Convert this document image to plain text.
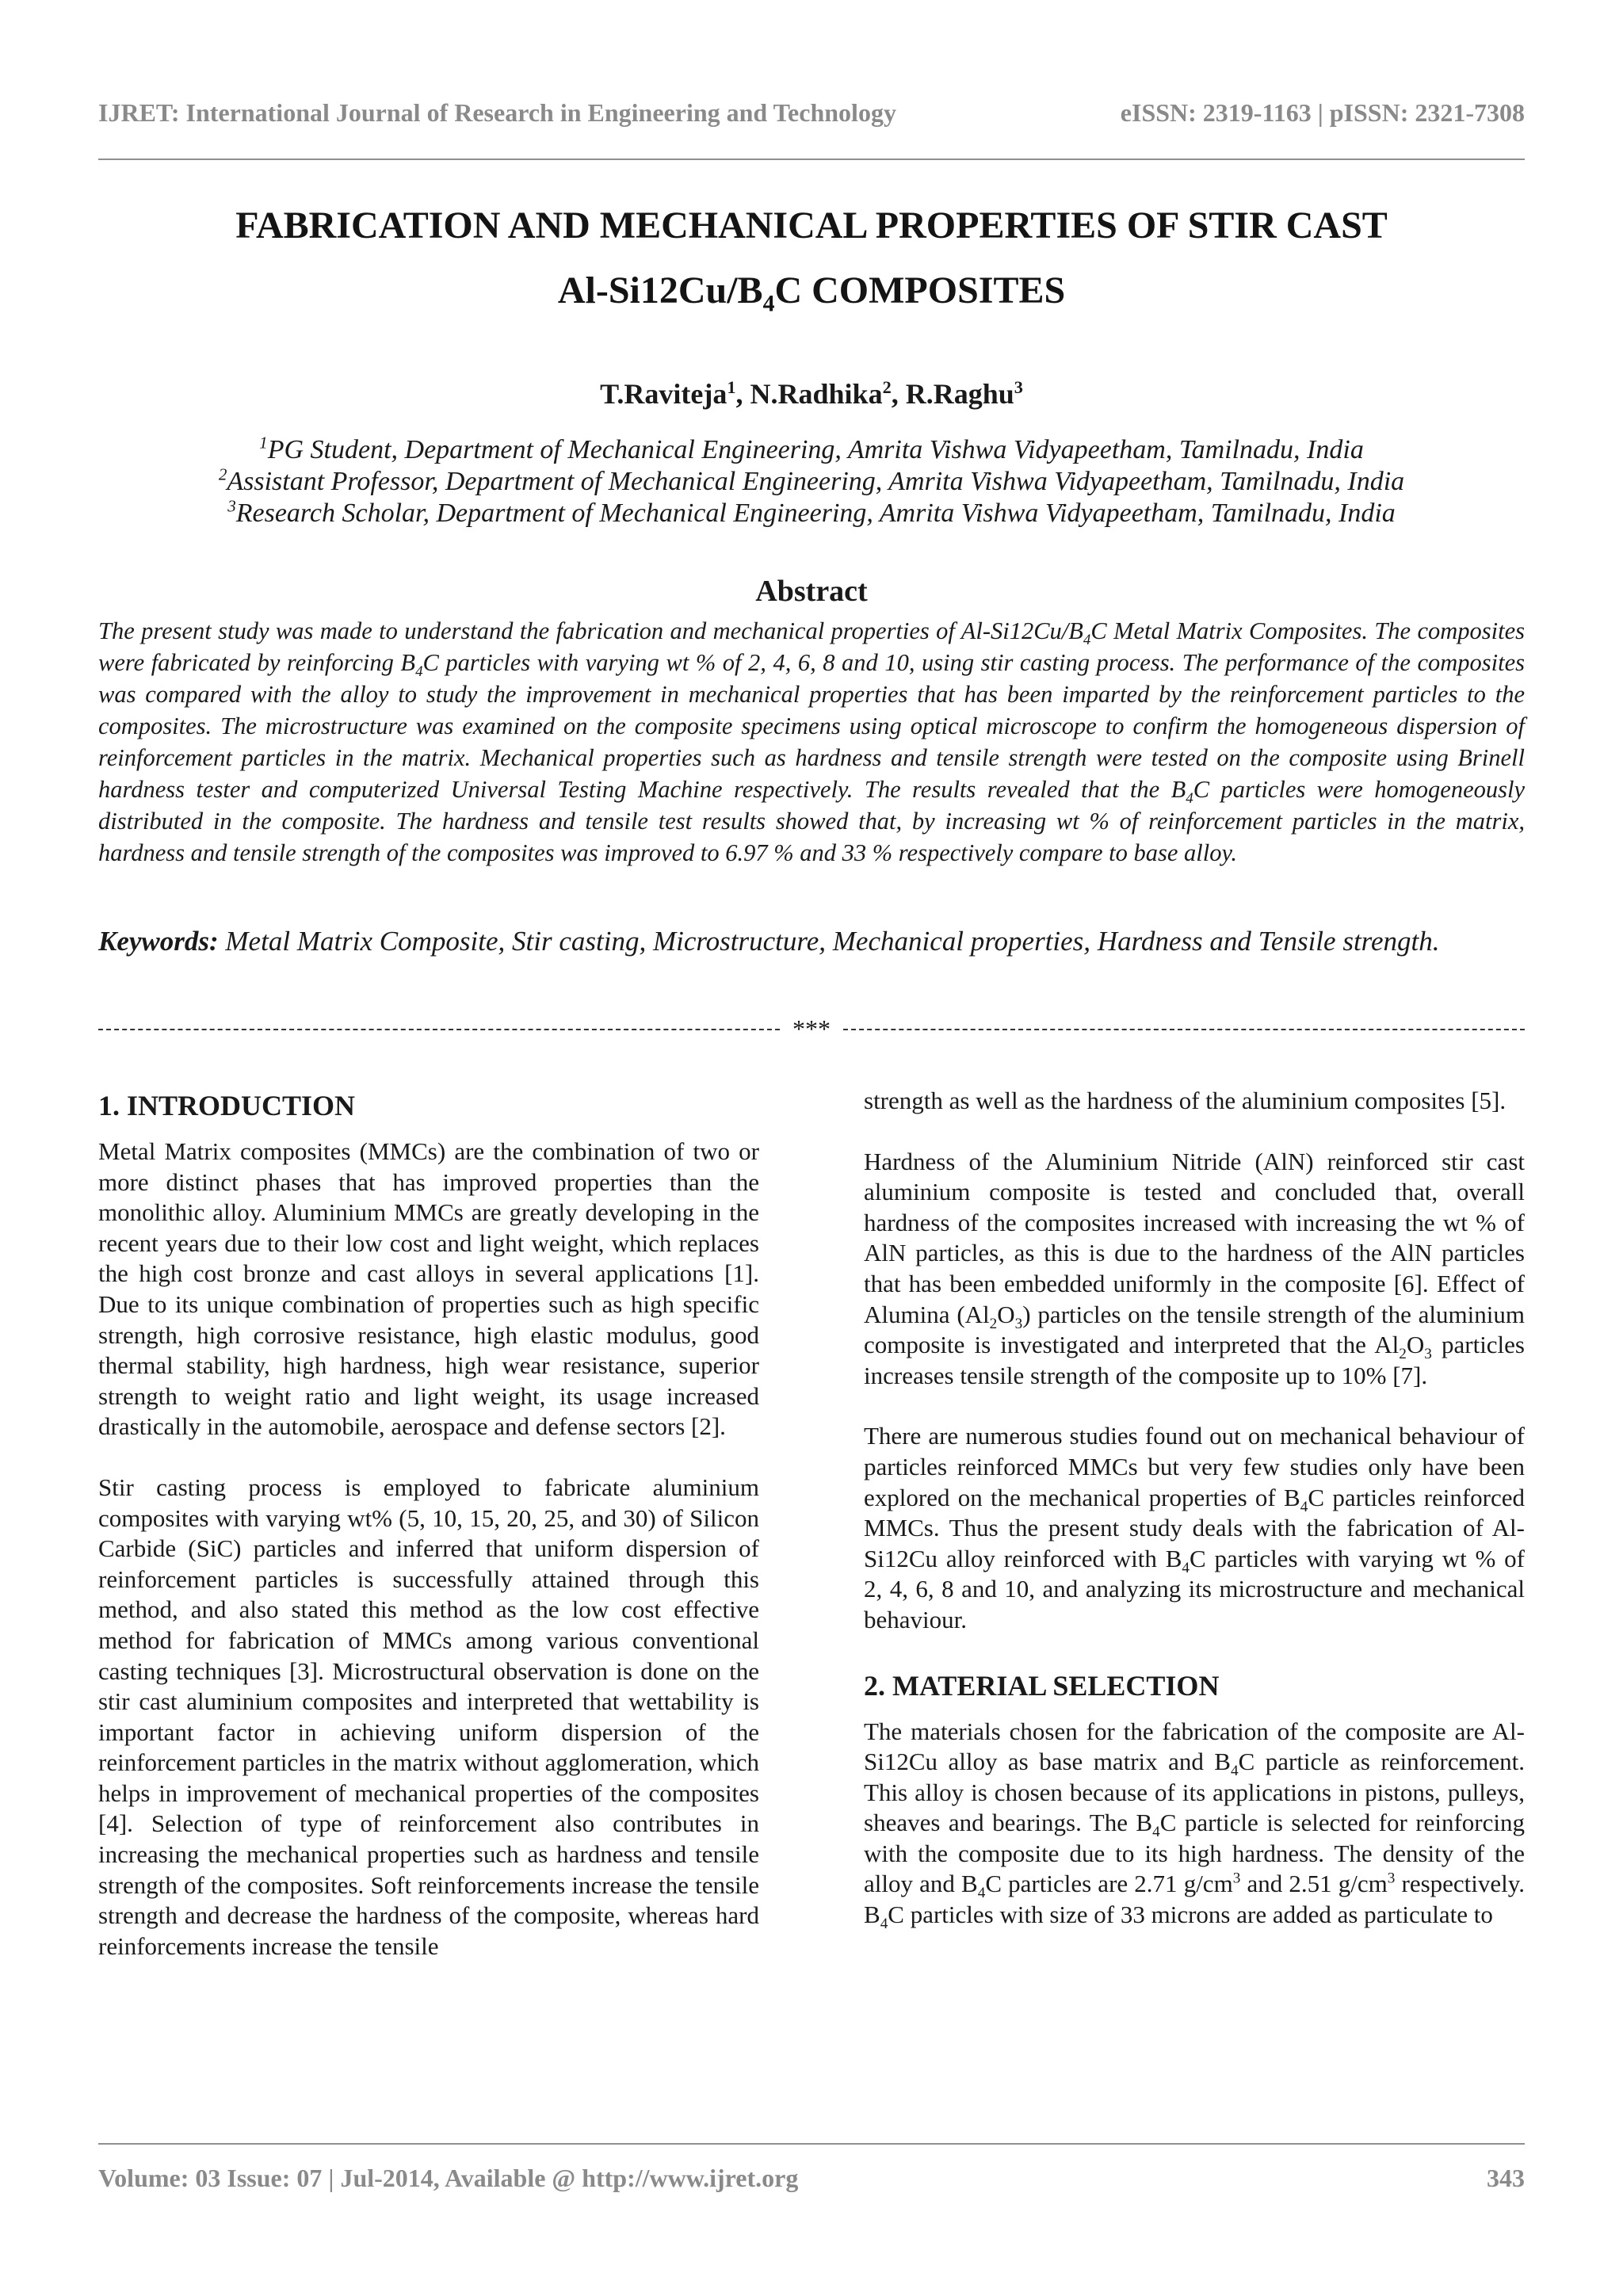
IJRET: International Journal of Research in Engineering and Technology	eISSN: 2319-1163 | pISSN: 2321-7308
FABRICATION AND MECHANICAL PROPERTIES OF STIR CAST
$Al-Si12Cu/B_4C$ COMPOSITES
T.Raviteja$^1$, N.Radhika$^2$, R.Raghu$^3$
$^1$PG Student, Department of Mechanical Engineering, Amrita Vishwa Vidyapeetham, Tamilnadu, India
$^2$Assistant Professor, Department of Mechanical Engineering, Amrita Vishwa Vidyapeetham, Tamilnadu, India
$^3$Research Scholar, Department of Mechanical Engineering, Amrita Vishwa Vidyapeetham, Tamilnadu, India
Abstract
The present study was made to understand the fabrication and mechanical properties of $Al-Si12Cu/B_4C$ Metal Matrix Composites. The composites were fabricated by reinforcing $B_4C$ particles with varying wt % of 2, 4, 6, 8 and 10, using stir casting process. The performance of the composites was compared with the alloy to study the improvement in mechanical properties that has been imparted by the reinforcement particles to the composites. The microstructure was examined on the composite specimens using optical microscope to confirm the homogeneous dispersion of reinforcement particles in the matrix. Mechanical properties such as hardness and tensile strength were tested on the composite using Brinell hardness tester and computerized Universal Testing Machine respectively. The results revealed that the $B_4C$ particles were homogeneously distributed in the composite. The hardness and tensile test results showed that, by increasing wt % of reinforcement particles in the matrix, hardness and tensile strength of the composites was improved to 6.97 % and 33 % respectively compare to base alloy.
Keywords: Metal Matrix Composite, Stir casting, Microstructure, Mechanical properties, Hardness and Tensile strength.
***

1. INTRODUCTION

Metal Matrix composites (MMCs) are the combination of two or more distinct phases that has improved properties than the monolithic alloy. Aluminium MMCs are greatly developing in the recent years due to their low cost and light weight, which replaces the high cost bronze and cast alloys in several applications [1]. Due to its unique combination of properties such as high specific strength, high corrosive resistance, high elastic modulus, good thermal stability, high hardness, high wear resistance, superior strength to weight ratio and light weight, its usage increased drastically in the automobile, aerospace and defense sectors [2].

Stir casting process is employed to fabricate aluminium composites with varying wt% (5, 10, 15, 20, 25, and 30) of Silicon Carbide (SiC) particles and inferred that uniform dispersion of reinforcement particles is successfully attained through this method, and also stated this method as the low cost effective method for fabrication of MMCs among various conventional casting techniques [3]. Microstructural observation is done on the stir cast aluminium composites and interpreted that wettability is important factor in achieving uniform dispersion of the reinforcement particles in the matrix without agglomeration, which helps in improvement of mechanical properties of the composites [4]. Selection of type of reinforcement also contributes in increasing the mechanical properties such as hardness and tensile strength of the composites. Soft reinforcements increase the tensile strength and decrease the hardness of the composite, whereas hard reinforcements increase the tensile

strength as well as the hardness of the aluminium composites [5].

Hardness of the Aluminium Nitride (AlN) reinforced stir cast aluminium composite is tested and concluded that, overall hardness of the composites increased with increasing the wt % of AlN particles, as this is due to the hardness of the AlN particles that has been embedded uniformly in the composite [6]. Effect of Alumina $(Al_2O_3)$ particles on the tensile strength of the aluminium composite is investigated and interpreted that the $Al_2O_3$ particles increases tensile strength of the composite up to 10% [7].

There are numerous studies found out on mechanical behaviour of particles reinforced MMCs but very few studies only have been explored on the mechanical properties of $B_4C$ particles reinforced MMCs. Thus the present study deals with the fabrication of Al-Si12Cu alloy reinforced with $B_4C$ particles with varying wt % of 2, 4, 6, 8 and 10, and analyzing its microstructure and mechanical behaviour.

2. MATERIAL SELECTION

The materials chosen for the fabrication of the composite are Al-Si12Cu alloy as base matrix and $B_4C$ particle as reinforcement. This alloy is chosen because of its applications in pistons, pulleys, sheaves and bearings. The $B_4C$ particle is selected for reinforcing with the composite due to its high hardness. The density of the alloy and $B_4C$ particles are 2.71 $g/cm^3$ and 2.51 $g/cm^3$ respectively. $B_4C$ particles with size of 33 microns are added as particulate to

Volume: 03 Issue: 07 | Jul-2014, Available @ http://www.ijret.org	343
